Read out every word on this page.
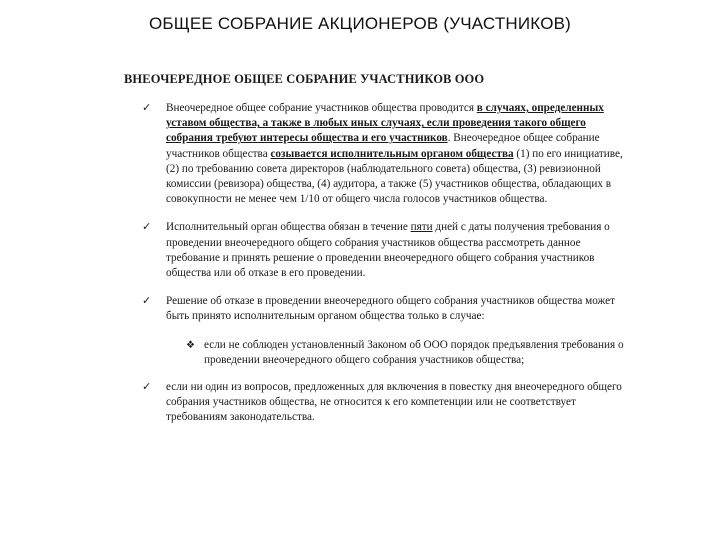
ОБЩЕЕ СОБРАНИЕ АКЦИОНЕРОВ (УЧАСТНИКОВ)
ВНЕОЧЕРЕДНОЕ ОБЩЕЕ СОБРАНИЕ УЧАСТНИКОВ ООО
✓ Внеочередное общее собрание участников общества проводится в случаях, определенных уставом общества, а также в любых иных случаях, если проведения такого общего собрания требуют интересы общества и его участников. Внеочередное общее собрание участников общества созывается исполнительным органом общества (1) по его инициативе, (2) по требованию совета директоров (наблюдательного совета) общества, (3) ревизионной комиссии (ревизора) общества, (4) аудитора, а также (5) участников общества, обладающих в совокупности не менее чем 1/10 от общего числа голосов участников общества.
✓ Исполнительный орган общества обязан в течение пяти дней с даты получения требования о проведении внеочередного общего собрания участников общества рассмотреть данное требование и принять решение о проведении внеочередного общего собрания участников общества или об отказе в его проведении.
✓ Решение об отказе в проведении внеочередного общего собрания участников общества может быть принято исполнительным органом общества только в случае:
❖ если не соблюден установленный Законом об ООО порядок предъявления требования о проведении внеочередного общего собрания участников общества;
✓ если ни один из вопросов, предложенных для включения в повестку дня внеочередного общего собрания участников общества, не относится к его компетенции или не соответствует требованиям законодательства.
